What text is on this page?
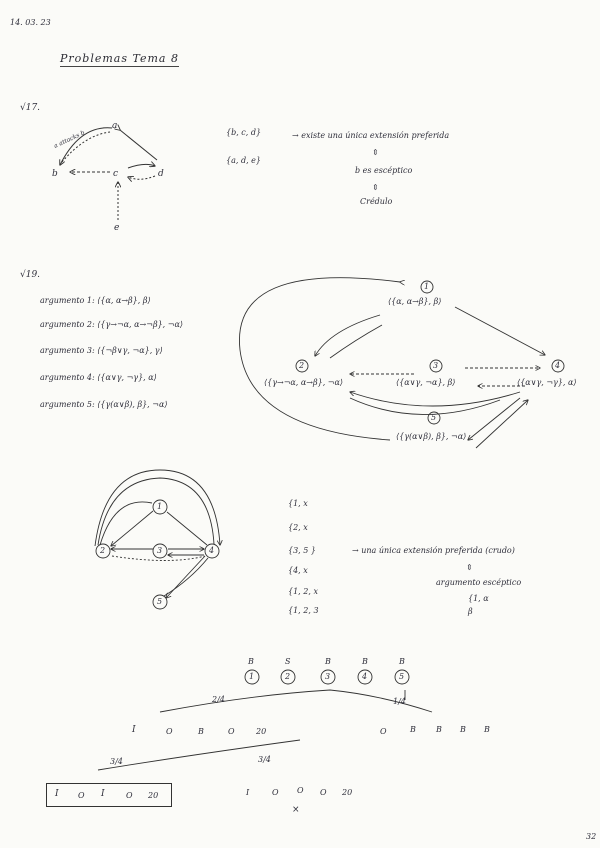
14. 03. 23
Problemas Tema 8
√17.
a
b	c	d
e
a attacks b	{b, c, d}
{a, d, e}
→ existe una única extensión preferida
⇕
b es escéptico
⇕
Crédulo
√19.
argumento 1: ⟨{α, α→β}, β⟩
argumento 2: ⟨{γ→¬α, α→¬β}, ¬α⟩
argumento 3: ⟨{¬β∨γ, ¬α}, γ⟩
argumento 4: ⟨{α∨γ, ¬γ}, α⟩
argumento 5: ⟨{γ(α∨β), β}, ¬α⟩
1
⟨{α, α→β}, β⟩
2
⟨{γ→¬α, α→β}, ¬α⟩
3
⟨{α∨γ, ¬α}, β⟩
4
⟨{α∨γ, ¬γ}, α⟩
5
⟨{γ(α∨β), β}, ¬α⟩
1
2	3	4
5
{1, x
{2, x
{3, 5 }
{4, x
{1, 2, x
{1, 2, 3
→ una única extensión preferida (crudo)
⇕
argumento escéptico
{1, α
β
B	S	B	B	B
1	2	3	4	5
2/4	1/4
I	O	B	O	20	O	B	B B B
3/4	3/4
I O I	O 20	I	O O O 20
×
32
